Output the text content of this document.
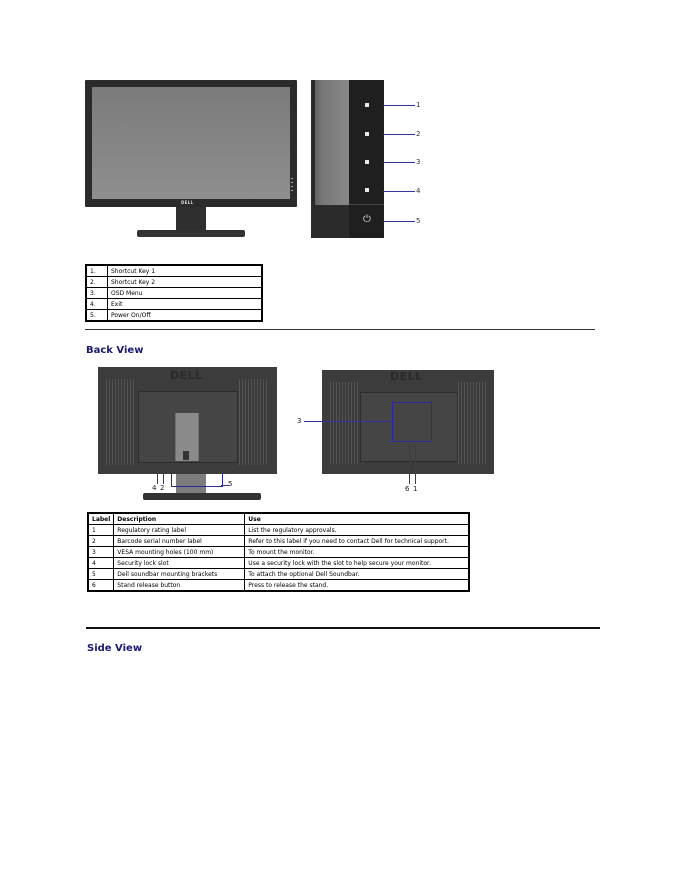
DELL
⏻
1
2
3
4
5
1.	Shortcut Key 1
2.	Shortcut Key 2
3.	OSD Menu
4.	Exit
5.	Power On/Off
Back View
DELL
4 2	5
DELL
3
6 1
Label	Description	Use
1	Regulatory rating label	List the regulatory approvals.
2	Barcode serial number label	Refer to this label if you need to contact Dell for technical support.
3	VESA mounting holes (100 mm)	To mount the monitor.
4	Security lock slot	Use a security lock with the slot to help secure your monitor.
5	Dell soundbar mounting brackets	To attach the optional Dell Soundbar.
6	Stand release button	Press to release the stand.
Side View
